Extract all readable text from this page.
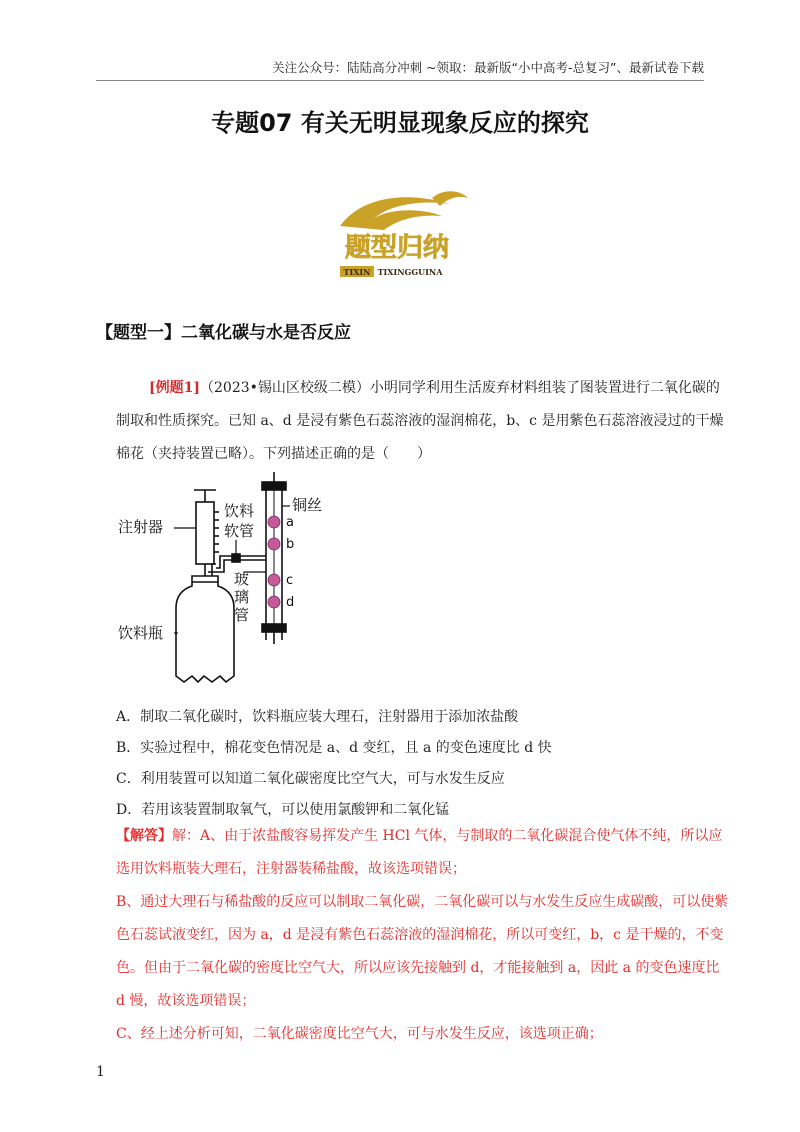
关注公众号：陆陆高分冲刺 ~领取：最新版“小中高考-总复习”、最新试卷下载
专题07 有关无明显现象反应的探究
题型归纳
TIXIN TIXINGGUINA
【题型一】二氧化碳与水是否反应
[例题1]（2023•锡山区校级二模）小明同学利用生活废弃材料组装了图装置进行二氧化碳的制取和性质探究。已知 a、d 是浸有紫色石蕊溶液的湿润棉花，b、c 是用紫色石蕊溶液浸过的干燥棉花（夹持装置已略）。下列描述正确的是（　　）
注射器
饮料瓶
铜丝
a
b
c
d
饮料
软管
玻
璃
管
A．制取二氧化碳时，饮料瓶应装大理石，注射器用于添加浓盐酸
B．实验过程中，棉花变色情况是 a、d 变红，且 a 的变色速度比 d 快
C．利用装置可以知道二氧化碳密度比空气大，可与水发生反应
D．若用该装置制取氧气，可以使用氯酸钾和二氧化锰
【解答】解：A、由于浓盐酸容易挥发产生 HCl 气体，与制取的二氧化碳混合使气体不纯，所以应选用饮料瓶装大理石，注射器装稀盐酸，故该选项错误；
B、通过大理石与稀盐酸的反应可以制取二氧化碳，二氧化碳可以与水发生反应生成碳酸，可以使紫色石蕊试液变红，因为 a，d 是浸有紫色石蕊溶液的湿润棉花，所以可变红，b，c 是干燥的，不变色。但由于二氧化碳的密度比空气大，所以应该先接触到 d，才能接触到 a，因此 a 的变色速度比 d 慢，故该选项错误；
C、经上述分析可知，二氧化碳密度比空气大，可与水发生反应，该选项正确；
1
